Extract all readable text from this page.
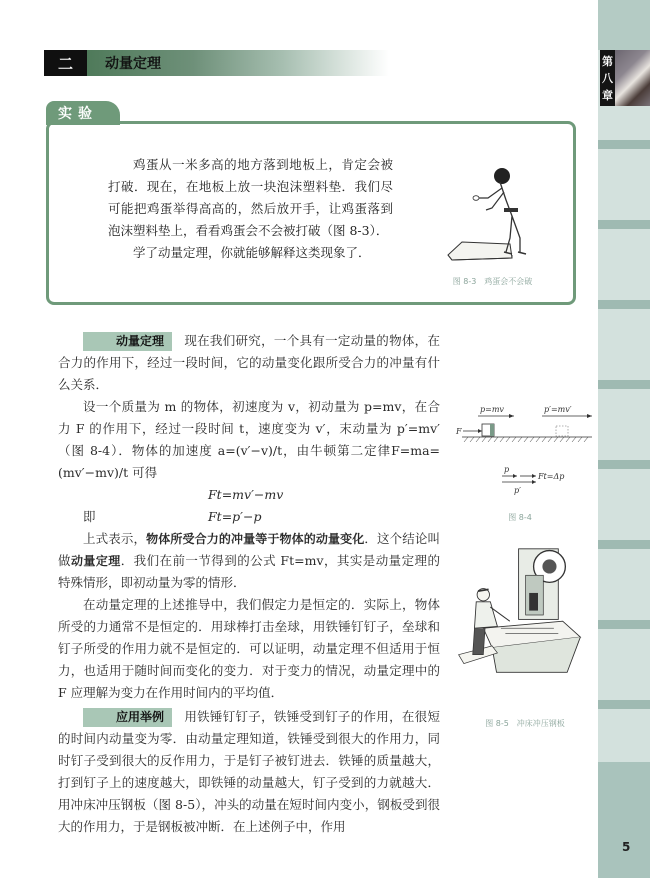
第
八
章
5
二	动量定理
实验

鸡蛋从一米多高的地方落到地板上，肯定会被打破．现在，在地板上放一块泡沫塑料垫．我们尽可能把鸡蛋举得高高的，然后放开手，让鸡蛋落到泡沫塑料垫上，看看鸡蛋会不会被打破（图 8-3）．

学了动量定理，你就能够解释这类现象了．

图 8-3　鸡蛋会不会破

动量定理 现在我们研究，一个具有一定动量的物体，在合力的作用下，经过一段时间，它的动量变化跟所受合力的冲量有什么关系．

设一个质量为 m 的物体，初速度为 v，初动量为 p=mv，在合力 F 的作用下，经过一段时间 t，速度变为 v′，末动量为 p′=mv′（图 8-4）．物体的加速度 a=(v′−v)/t，由牛顿第二定律F=ma=(mv′−mv)/t 可得

Ft=mv′−mv

即	Ft=p′−p

上式表示，物体所受合力的冲量等于物体的动量变化．这个结论叫做动量定理．我们在前一节得到的公式 Ft=mv，其实是动量定理的特殊情形，即初动量为零的情形．

在动量定理的上述推导中，我们假定力是恒定的．实际上，物体所受的力通常不是恒定的．用球棒打击垒球，用铁锤钉钉子，垒球和钉子所受的作用力就不是恒定的．可以证明，动量定理不但适用于恒力，也适用于随时间而变化的变力．对于变力的情况，动量定理中的 F 应理解为变力在作用时间内的平均值．

应用举例 用铁锤钉钉子，铁锤受到钉子的作用，在很短的时间内动量变为零．由动量定理知道，铁锤受到很大的作用力，同时钉子受到很大的反作用力，于是钉子被钉进去．铁锤的质量越大，打到钉子上的速度越大，即铁锤的动量越大，钉子受到的力就越大．用冲床冲压钢板（图 8-5），冲头的动量在短时间内变小，钢板受到很大的作用力，于是钢板被冲断．在上述例子中，作用

p=mv	p′=mv′
F
p
Ft=Δp
p′
图 8-4
图 8-5　冲床冲压钢板
